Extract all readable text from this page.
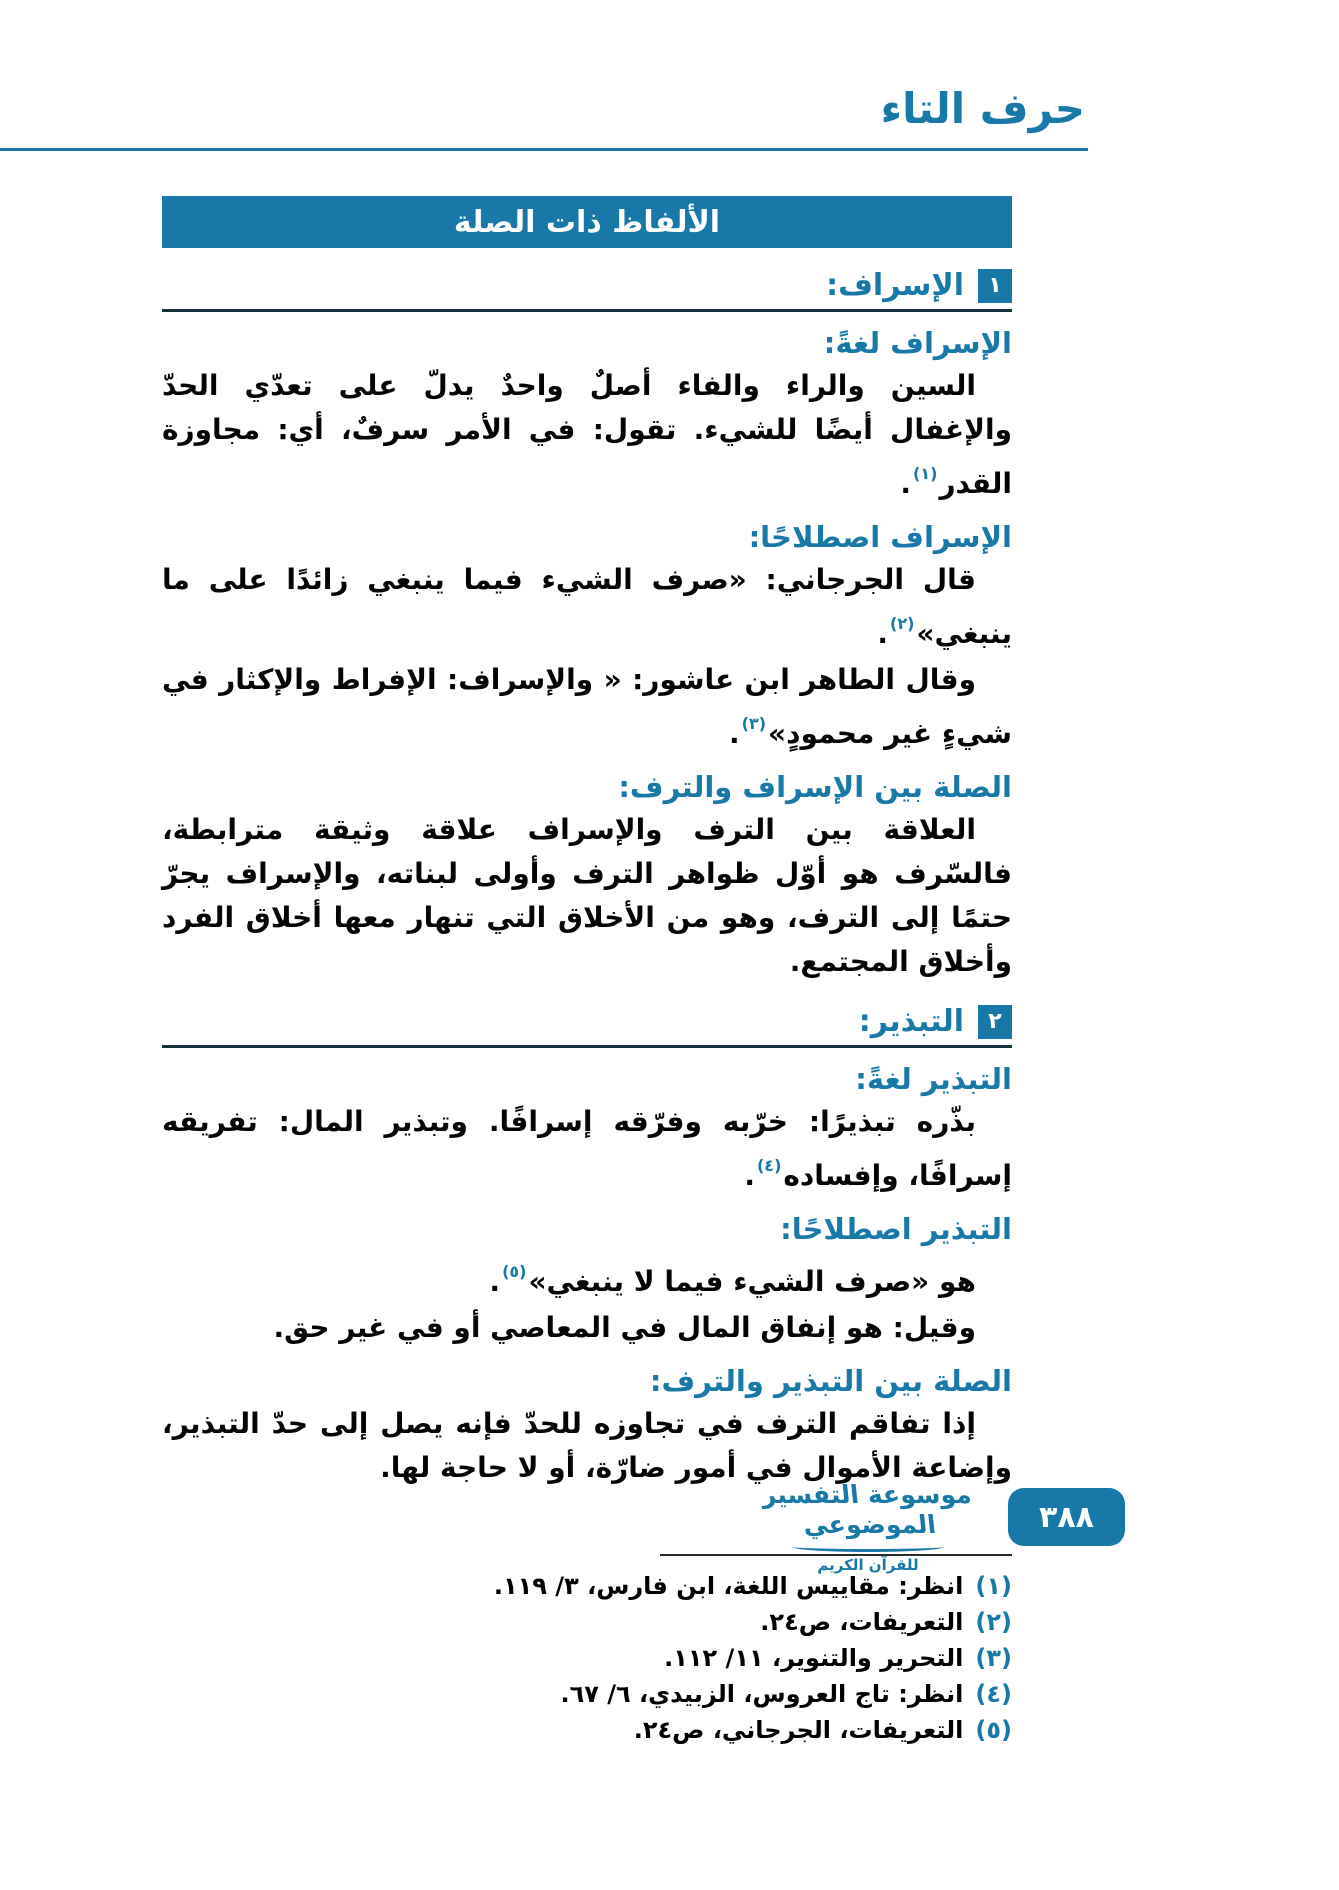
حرف التاء
الألفاظ ذات الصلة
١
الإسراف:
الإسراف لغةً:

السين والراء والفاء أصلٌ واحدٌ يدلّ على تعدّي الحدّ والإغفال أيضًا للشيء. تقول: في الأمر سرفٌ، أي: مجاوزة القدر$^{(١)}$.

الإسراف اصطلاحًا:

قال الجرجاني: «صرف الشيء فيما ينبغي زائدًا على ما ينبغي»$^{(٢)}$.

وقال الطاهر ابن عاشور: « والإسراف: الإفراط والإكثار في شيءٍ غير محمودٍ»$^{(٣)}$.

الصلة بين الإسراف والترف:

العلاقة بين الترف والإسراف علاقة وثيقة مترابطة، فالسّرف هو أوّل ظواهر الترف وأولى لبناته، والإسراف يجرّ حتمًا إلى الترف، وهو من الأخلاق التي تنهار معها أخلاق الفرد وأخلاق المجتمع.

٢
التبذير:
التبذير لغةً:

بذّره تبذيرًا: خرّبه وفرّقه إسرافًا. وتبذير المال: تفريقه إسرافًا، وإفساده$^{(٤)}$.

التبذير اصطلاحًا:

هو «صرف الشيء فيما لا ينبغي»$^{(٥)}$.

وقيل: هو إنفاق المال في المعاصي أو في غير حق.

الصلة بين التبذير والترف:

إذا تفاقم الترف في تجاوزه للحدّ فإنه يصل إلى حدّ التبذير، وإضاعة الأموال في أمور ضارّة، أو لا حاجة لها.

(١)انظر: مقاييس اللغة، ابن فارس، ٣/ ١١٩.
(٢)التعريفات، ص٢٤.
(٣)التحرير والتنوير، ١١/ ١١٢.
(٤)انظر: تاج العروس، الزبيدي، ٦/ ٦٧.
(٥)التعريفات، الجرجاني، ص٢٤.
موسوعة التفسير الموضوعي
للقرآن الكريم
٣٨٨
